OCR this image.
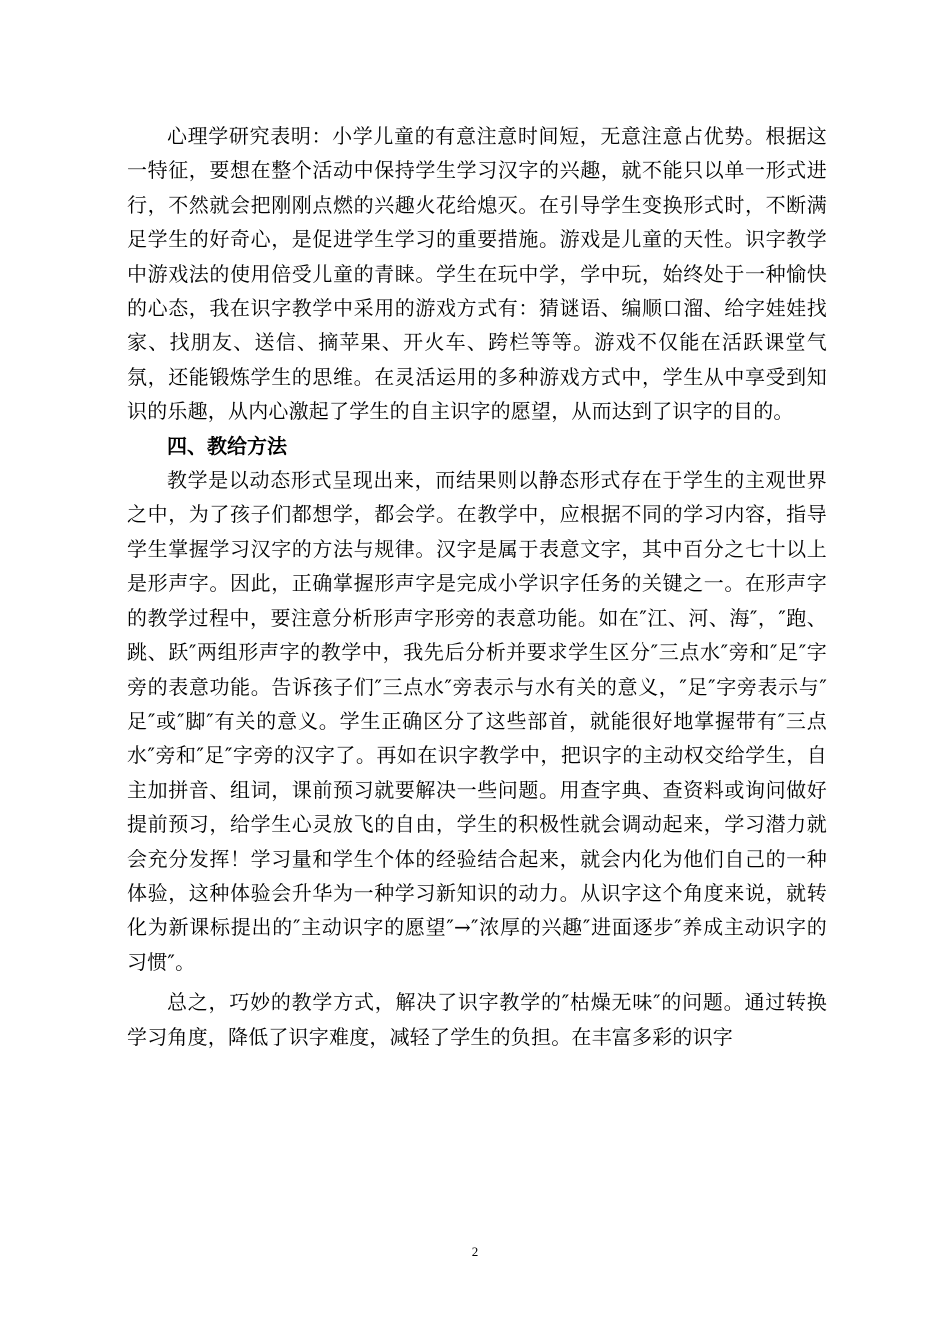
心理学研究表明：小学儿童的有意注意时间短，无意注意占优势。根据这一特征，要想在整个活动中保持学生学习汉字的兴趣，就不能只以单一形式进行，不然就会把刚刚点燃的兴趣火花给熄灭。在引导学生变换形式时，不断满足学生的好奇心，是促进学生学习的重要措施。游戏是儿童的天性。识字教学中游戏法的使用倍受儿童的青睐。学生在玩中学，学中玩，始终处于一种愉快的心态，我在识字教学中采用的游戏方式有：猜谜语、编顺口溜、给字娃娃找家、找朋友、送信、摘苹果、开火车、跨栏等等。游戏不仅能在活跃课堂气氛，还能锻炼学生的思维。在灵活运用的多种游戏方式中，学生从中享受到知识的乐趣，从内心激起了学生的自主识字的愿望，从而达到了识字的目的。

四、教给方法

教学是以动态形式呈现出来，而结果则以静态形式存在于学生的主观世界之中，为了孩子们都想学，都会学。在教学中，应根据不同的学习内容，指导学生掌握学习汉字的方法与规律。汉字是属于表意文字，其中百分之七十以上是形声字。因此，正确掌握形声字是完成小学识字任务的关键之一。在形声字的教学过程中，要注意分析形声字形旁的表意功能。如在″江、河、海″，″跑、跳、跃″两组形声字的教学中，我先后分析并要求学生区分″三点水″旁和″足″字旁的表意功能。告诉孩子们″三点水″旁表示与水有关的意义，″足″字旁表示与″足″或″脚″有关的意义。学生正确区分了这些部首，就能很好地掌握带有″三点水″旁和″足″字旁的汉字了。再如在识字教学中，把识字的主动权交给学生，自主加拼音、组词，课前预习就要解决一些问题。用查字典、查资料或询问做好提前预习，给学生心灵放飞的自由，学生的积极性就会调动起来，学习潜力就会充分发挥！学习量和学生个体的经验结合起来，就会内化为他们自己的一种体验，这种体验会升华为一种学习新知识的动力。从识字这个角度来说，就转化为新课标提出的″主动识字的愿望″→″浓厚的兴趣″进面逐步″养成主动识字的习惯″。

总之，巧妙的教学方式，解决了识字教学的″枯燥无味″的问题。通过转换学习角度，降低了识字难度，减轻了学生的负担。在丰富多彩的识字

2
